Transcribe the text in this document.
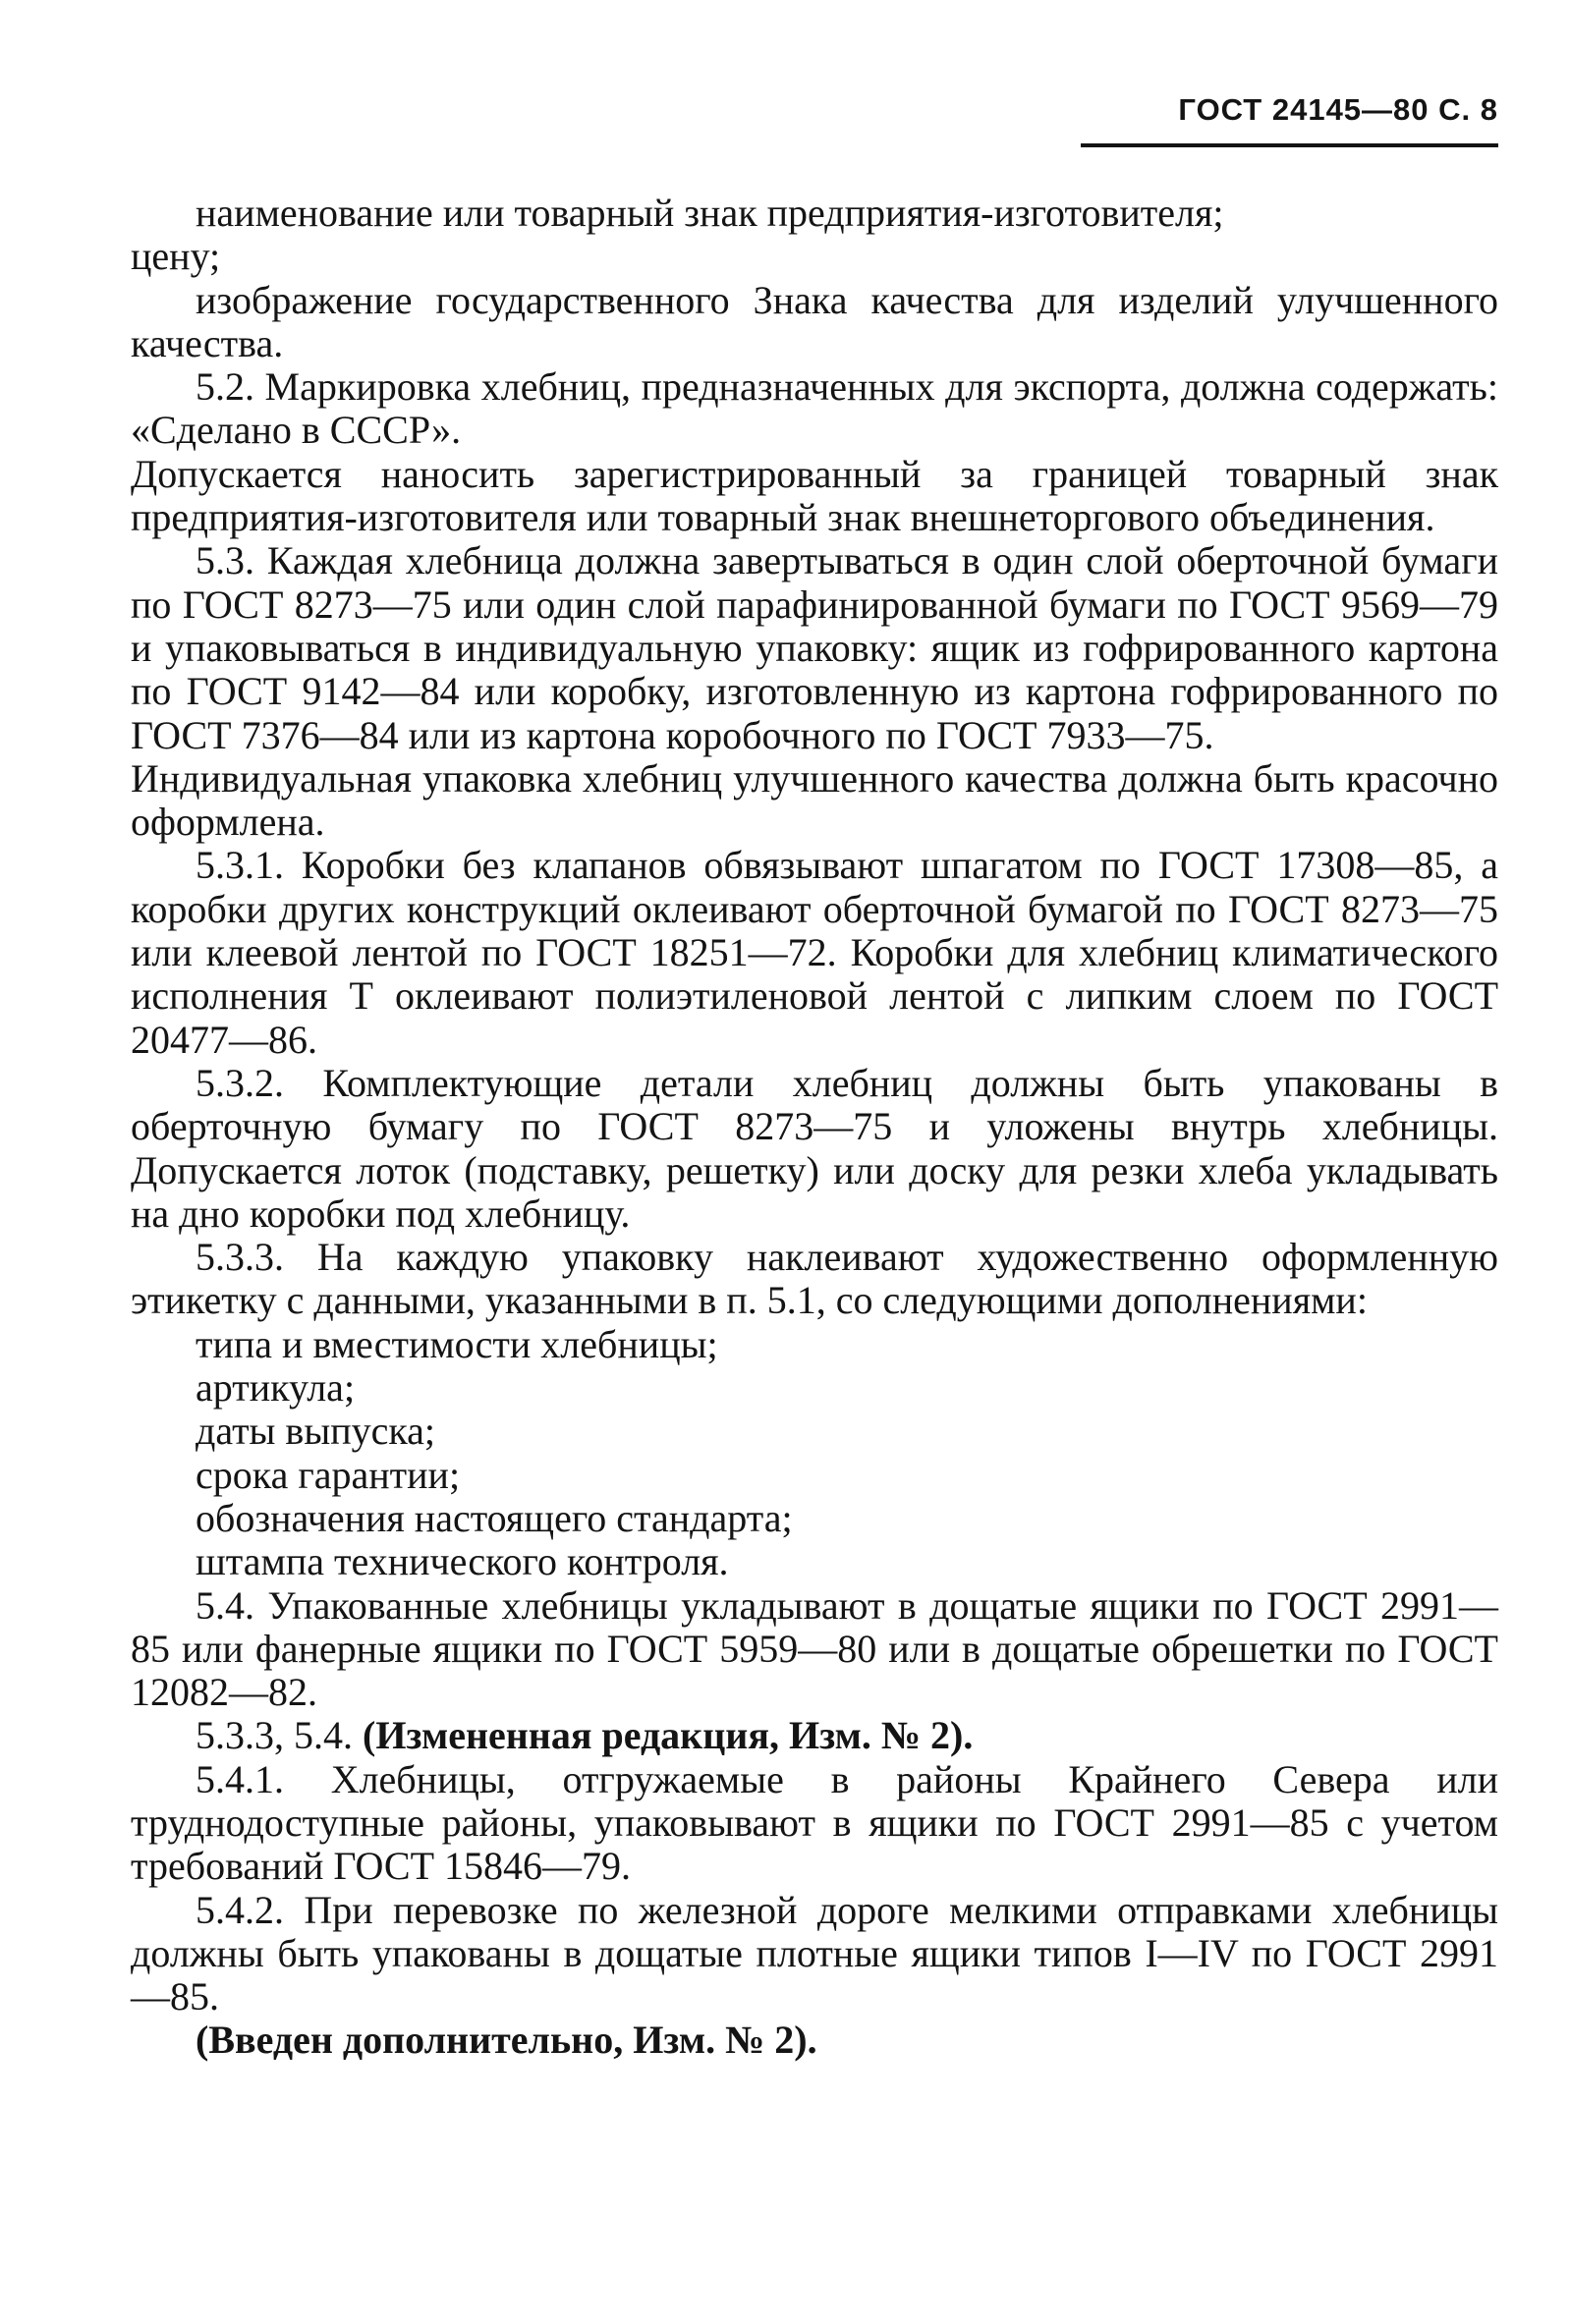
ГОСТ 24145—80 С. 8
наименование или товарный знак предприятия-изготовителя;
цену;
изображение государственного Знака качества для изделий улучшенного качества.
5.2. Маркировка хлебниц, предназначенных для экспорта, должна содержать: «Сделано в СССР».
Допускается наносить зарегистрированный за границей товарный знак предприятия-изготовителя или товарный знак внешнеторгового объединения.
5.3. Каждая хлебница должна завертываться в один слой оберточной бумаги по ГОСТ 8273—75 или один слой парафинированной бумаги по ГОСТ 9569—79 и упаковываться в индивидуальную упаковку: ящик из гофрированного картона по ГОСТ 9142—84 или коробку, изготовленную из картона гофрированного по ГОСТ 7376—84 или из картона коробочного по ГОСТ 7933—75.
Индивидуальная упаковка хлебниц улучшенного качества должна быть красочно оформлена.
5.3.1. Коробки без клапанов обвязывают шпагатом по ГОСТ 17308—85, а коробки других конструкций оклеивают оберточной бумагой по ГОСТ 8273—75 или клеевой лентой по ГОСТ 18251—72. Коробки для хлебниц климатического исполнения Т оклеивают полиэтиленовой лентой с липким слоем по ГОСТ 20477—86.
5.3.2. Комплектующие детали хлебниц должны быть упакованы в оберточную бумагу по ГОСТ 8273—75 и уложены внутрь хлебницы. Допускается лоток (подставку, решетку) или доску для резки хлеба укладывать на дно коробки под хлебницу.
5.3.3. На каждую упаковку наклеивают художественно оформленную этикетку с данными, указанными в п. 5.1, со следующими дополнениями:
типа и вместимости хлебницы;
артикула;
даты выпуска;
срока гарантии;
обозначения настоящего стандарта;
штампа технического контроля.
5.4. Упакованные хлебницы укладывают в дощатые ящики по ГОСТ 2991—85 или фанерные ящики по ГОСТ 5959—80 или в дощатые обрешетки по ГОСТ 12082—82.
5.3.3, 5.4. (Измененная редакция, Изм. № 2).
5.4.1. Хлебницы, отгружаемые в районы Крайнего Севера или труднодоступные районы, упаковывают в ящики по ГОСТ 2991—85 с учетом требований ГОСТ 15846—79.
5.4.2. При перевозке по железной дороге мелкими отправками хлебницы должны быть упакованы в дощатые плотные ящики типов I—IV по ГОСТ 2991—85.
(Введен дополнительно, Изм. № 2).
